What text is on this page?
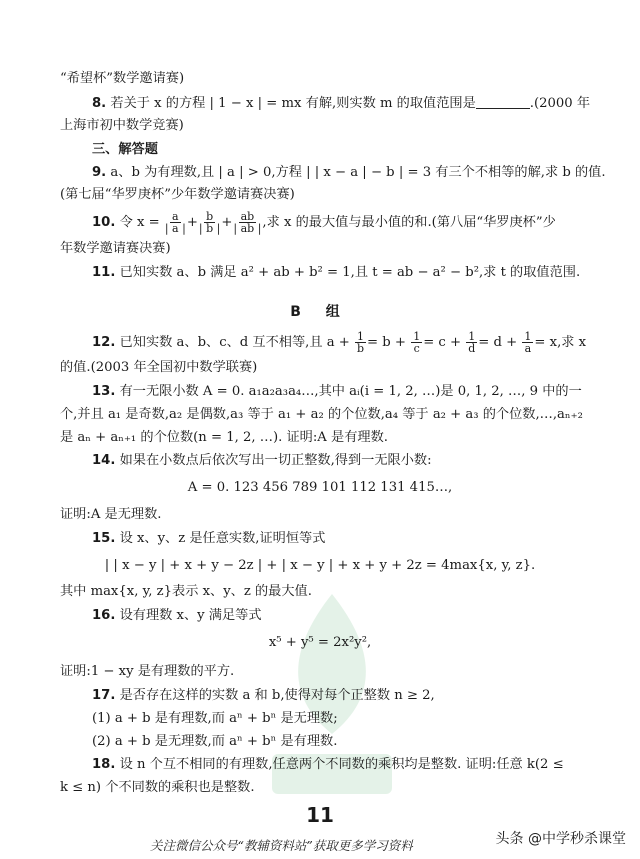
“希望杯”数学邀请赛)
8. 若关于 x 的方程 | 1 − x | = mx 有解,则实数 m 的取值范围是	.(2000 年
上海市初中数学竞赛)
三、解答题
9. a、b 为有理数,且 | a | > 0,方程 | | x − a | − b | = 3 有三个不相等的解,求 b 的值.
(第七届“华罗庚杯”少年数学邀请赛决赛)
10. 令 $x = \frac{a}{| a |} + \frac{b}{| b |} + \frac{ab}{| ab |}$ ,求 x 的最大值与最小值的和.(第八届“华罗庚杯”少
年数学邀请赛决赛)
11. 已知实数 a、b 满足 a² + ab + b² = 1,且 t = ab − a² − b²,求 t 的取值范围.
B 组
12. 已知实数 a、b、c、d 互不相等,且 $a + \frac{1}{b} = b + \frac{1}{c} = c + \frac{1}{d} = d + \frac{1}{a} = x$,求 x
的值.(2003 年全国初中数学联赛)
13. 有一无限小数 A = 0. a₁a₂a₃a₄…,其中 aᵢ(i = 1, 2, …)是 0, 1, 2, …, 9 中的一
个,并且 a₁ 是奇数,a₂ 是偶数,a₃ 等于 a₁ + a₂ 的个位数,a₄ 等于 a₂ + a₃ 的个位数,…,aₙ₊₂
是 aₙ + aₙ₊₁ 的个位数(n = 1, 2, …). 证明:A 是有理数.
14. 如果在小数点后依次写出一切正整数,得到一无限小数:
A = 0. 123 456 789 101 112 131 415…,
证明:A 是无理数.
15. 设 x、y、z 是任意实数,证明恒等式
| | x − y | + x + y − 2z | + | x − y | + x + y + 2z = 4max{x, y, z}.
其中 max{x, y, z}表示 x、y、z 的最大值.
16. 设有理数 x、y 满足等式
x⁵ + y⁵ = 2x²y²,
证明:1 − xy 是有理数的平方.
17. 是否存在这样的实数 a 和 b,使得对每个正整数 n ≥ 2,
(1) a + b 是有理数,而 aⁿ + bⁿ 是无理数;
(2) a + b 是无理数,而 aⁿ + bⁿ 是有理数.
18. 设 n 个互不相同的有理数,任意两个不同数的乘积均是整数. 证明:任意 k(2 ≤
k ≤ n) 个不同数的乘积也是整数.
11
关注微信公众号“教辅资料站”获取更多学习资料	头条 @中学秒杀课堂
